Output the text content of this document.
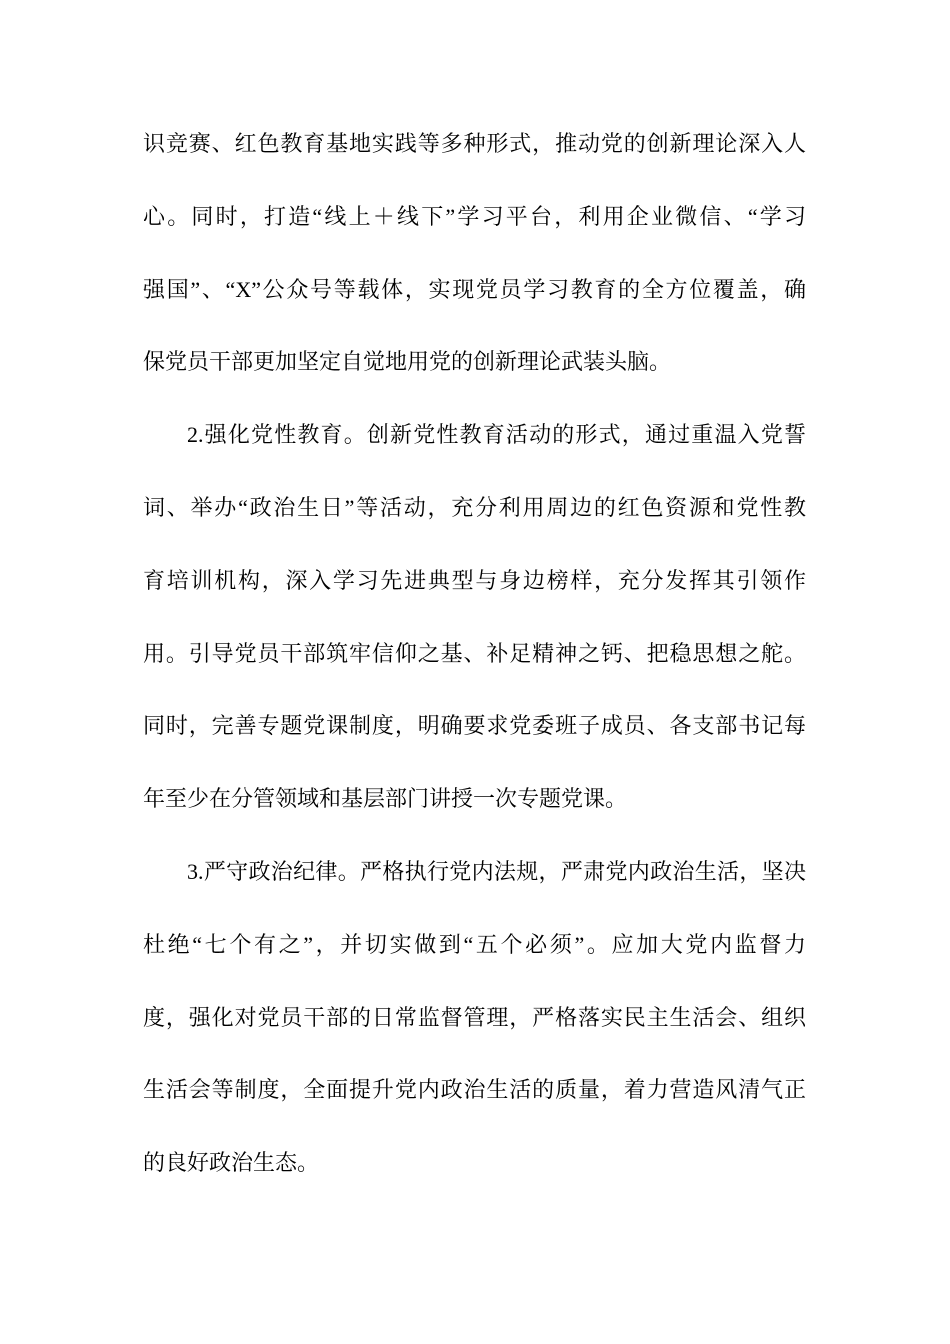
识竞赛、红色教育基地实践等多种形式，推动党的创新理论深入人
心。同时，打造“线上＋线下”学习平台，利用企业微信、“学习
强国”、“X”公众号等载体，实现党员学习教育的全方位覆盖，确
保党员干部更加坚定自觉地用党的创新理论武装头脑。
2.强化党性教育。创新党性教育活动的形式，通过重温入党誓
词、举办“政治生日”等活动，充分利用周边的红色资源和党性教
育培训机构，深入学习先进典型与身边榜样，充分发挥其引领作
用。引导党员干部筑牢信仰之基、补足精神之钙、把稳思想之舵。
同时，完善专题党课制度，明确要求党委班子成员、各支部书记每
年至少在分管领域和基层部门讲授一次专题党课。
3.严守政治纪律。严格执行党内法规，严肃党内政治生活，坚决
杜绝“七个有之”，并切实做到“五个必须”。应加大党内监督力
度，强化对党员干部的日常监督管理，严格落实民主生活会、组织
生活会等制度，全面提升党内政治生活的质量，着力营造风清气正
的良好政治生态。
